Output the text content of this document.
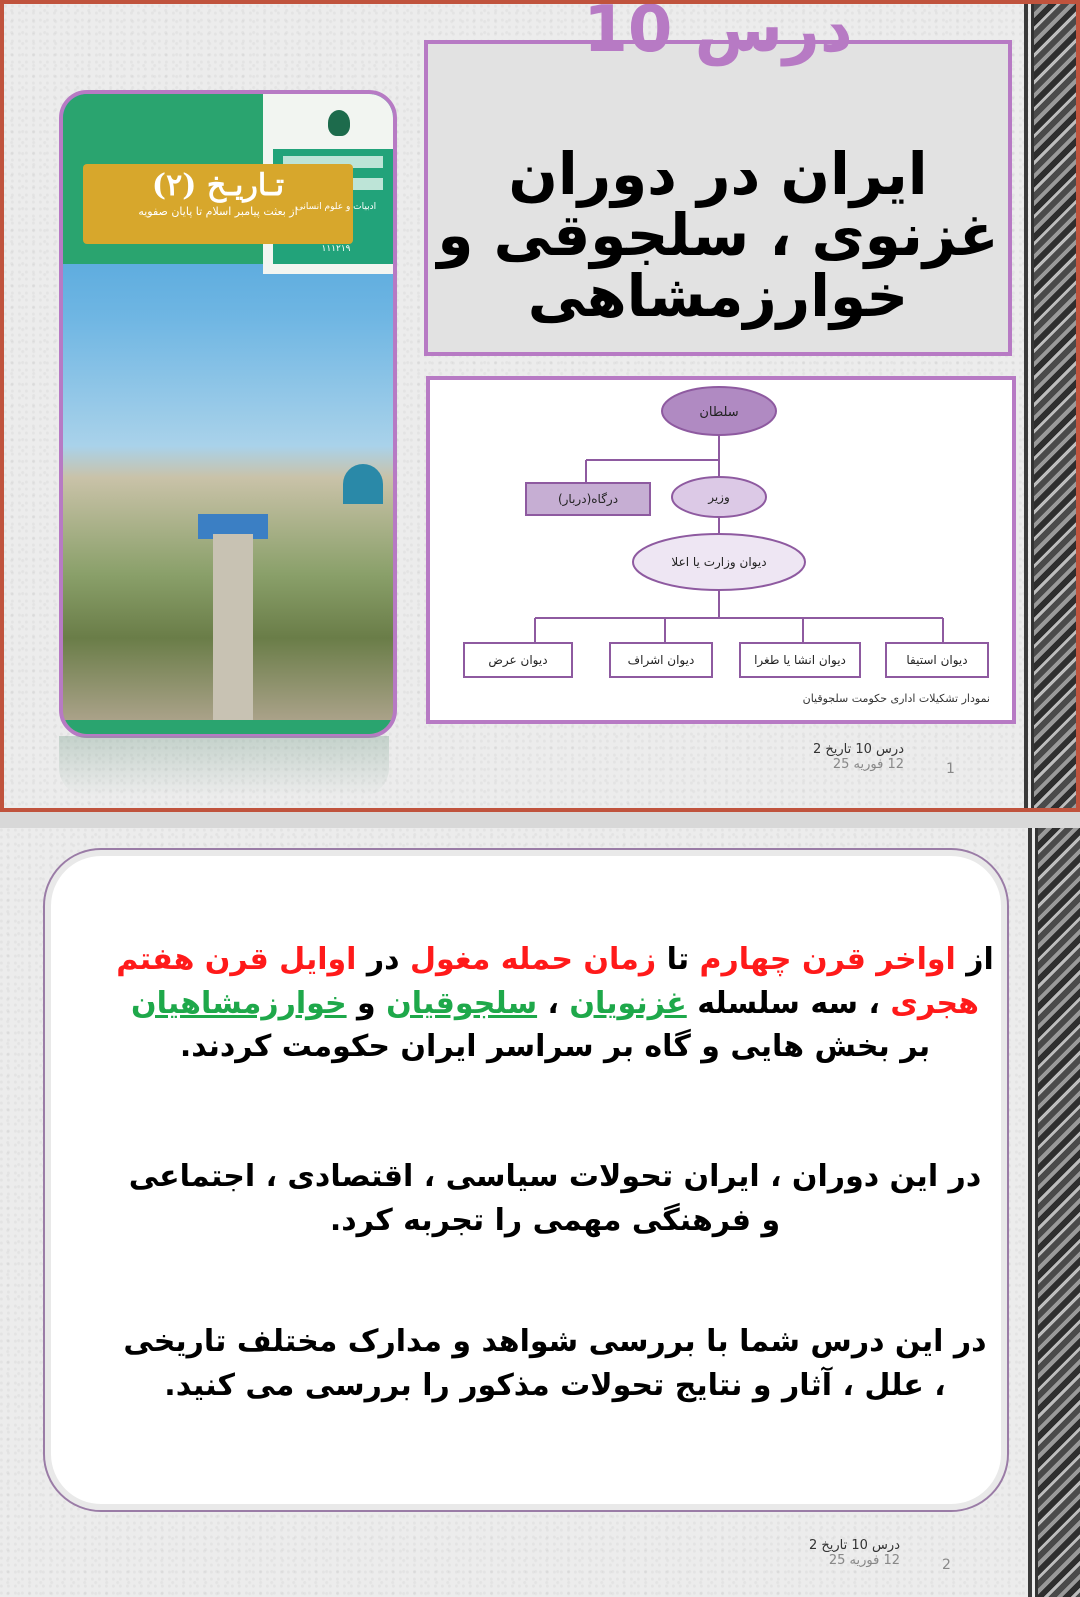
تـاریـخ (۲)
از بعثت پیامبر اسلام تا پایان صفویه
ادبیات و علوم انسانی
۱۱۱۲۱۹
درس 10
ایران در دوران غزنوی ، سلجوقی و خوارزمشاهی
سلطان
وزیر
درگاه(دربار)
دیوان وزارت یا اعلا
دیوان عرض	دیوان اشراف	دیوان انشا یا طغرا	دیوان استیفا
نمودار تشکیلات اداری حکومت سلجوقیان
درس 10 تاریخ 2
12 فوریه 25	1
از اواخر قرن چهارم تا زمان حمله مغول در اوایل قرن هفتم هجری ، سه سلسله غزنویان ، سلجوقیان و خوارزمشاهیان بر بخش هایی و گاه بر سراسر ایران حکومت کردند.
در این دوران ، ایران تحولات سیاسی ، اقتصادی ، اجتماعی و فرهنگی مهمی را تجربه کرد.
در این درس شما با بررسی شواهد و مدارک مختلف تاریخی ، علل ، آثار و نتایج تحولات مذکور را بررسی می کنید.
درس 10 تاریخ 2
12 فوریه 25	2
